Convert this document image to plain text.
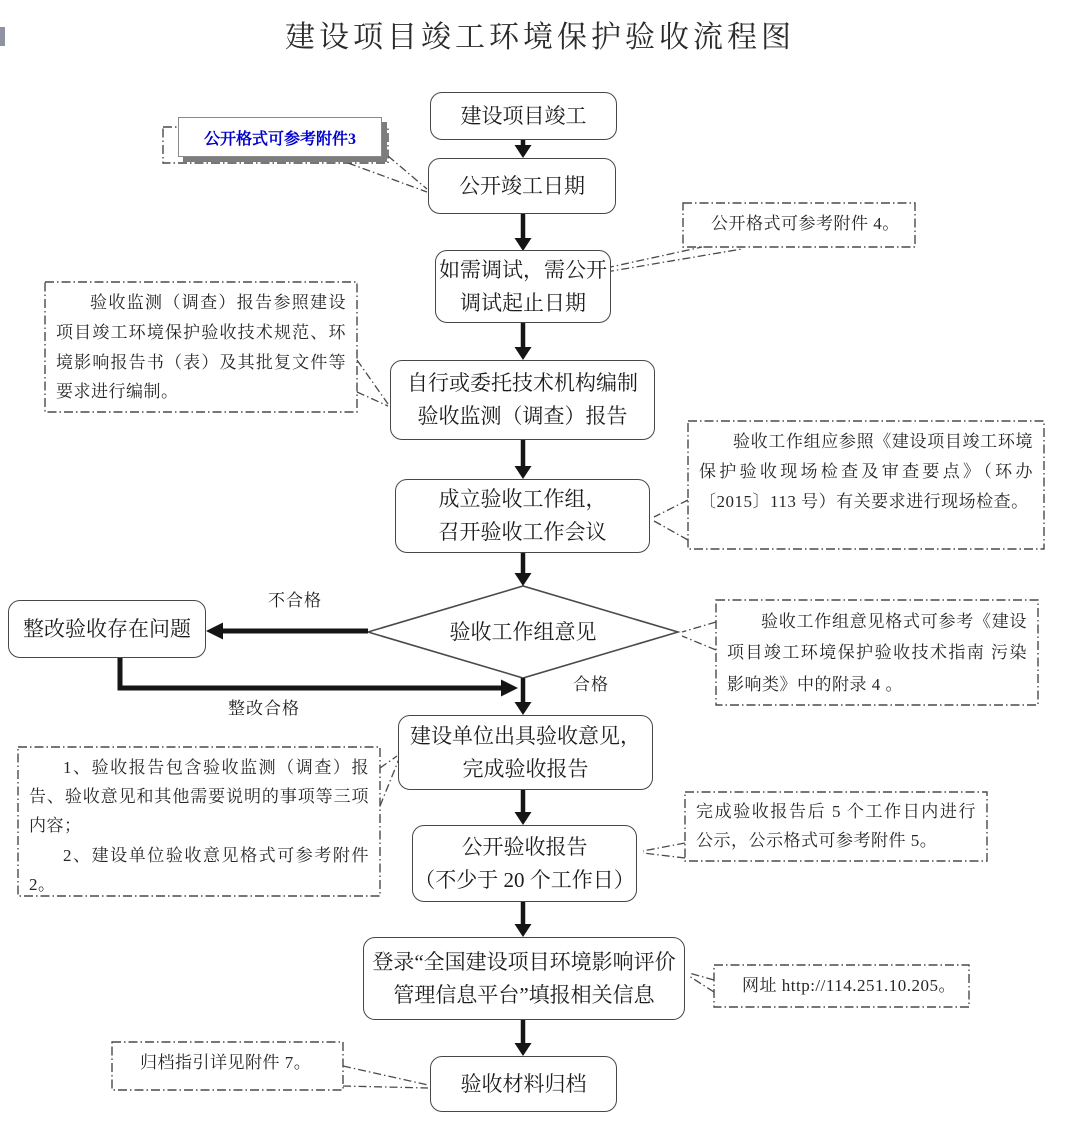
建设项目竣工环境保护验收流程图
建设项目竣工
公开竣工日期
如需调试，需公开
调试起止日期
自行或委托技术机构编制
验收监测（调查）报告
成立验收工作组，
召开验收工作会议
验收工作组意见
整改验收存在问题
建设单位出具验收意见，
完成验收报告
公开验收报告
（不少于 20 个工作日）
登录“全国建设项目环境影响评价
管理信息平台”填报相关信息
验收材料归档
不合格
合格
整改合格
公开格式可参考附件3

公开格式可参考附件 4。

验收监测（调查）报告参照建设项目竣工环境保护验收技术规范、环境影响报告书（表）及其批复文件等要求进行编制。

验收工作组应参照《建设项目竣工环境保护验收现场检查及审查要点》（环办〔2015〕113 号）有关要求进行现场检查。

验收工作组意见格式可参考《建设项目竣工环境保护验收技术指南 污染影响类》中的附录 4 。

1、验收报告包含验收监测（调查）报告、验收意见和其他需要说明的事项等三项内容；

2、建设单位验收意见格式可参考附件 2。

完成验收报告后 5 个工作日内进行公示，公示格式可参考附件 5。

网址 http://114.251.10.205。

归档指引详见附件 7。
